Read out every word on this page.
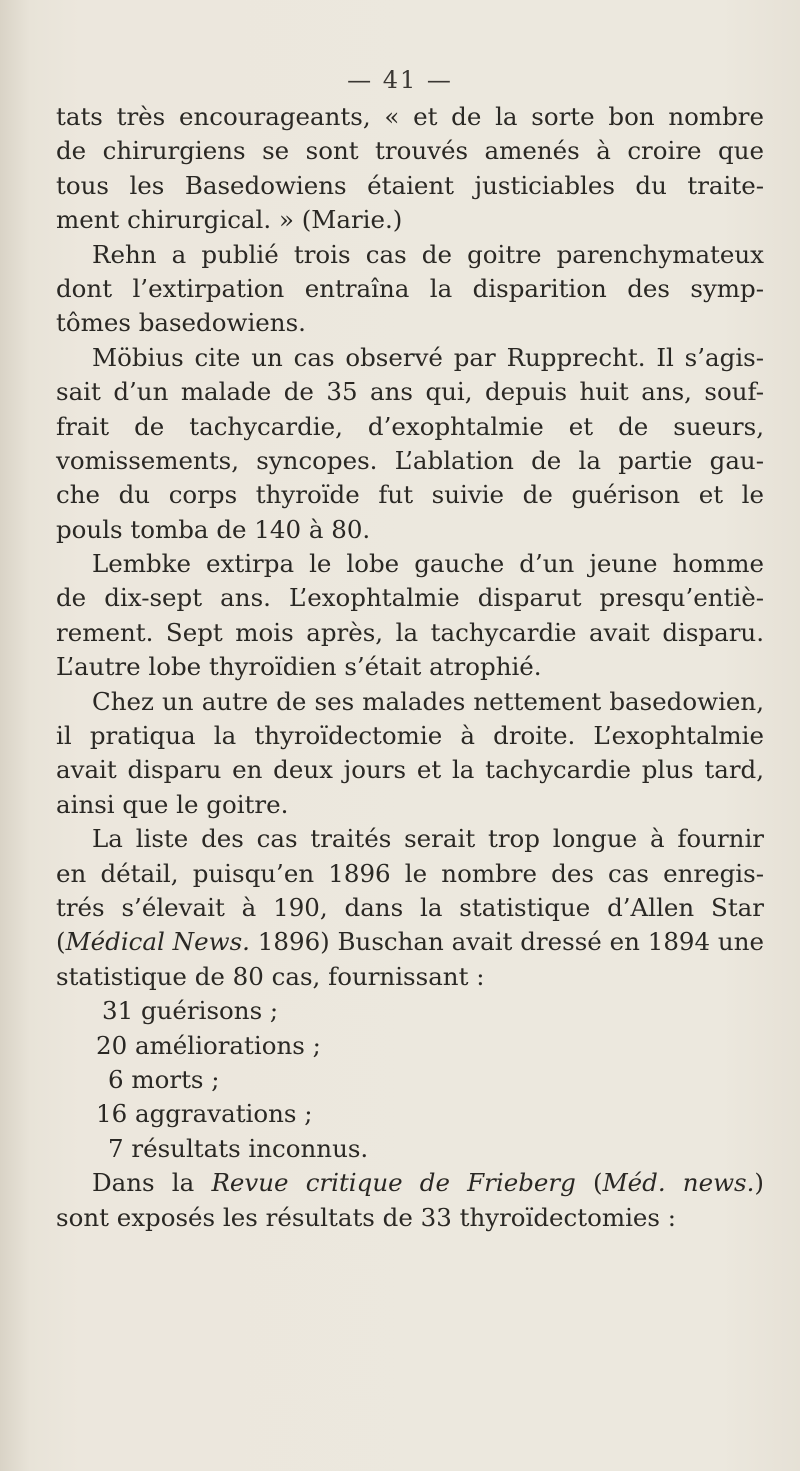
— 41 —
tats très encourageants, « et de la sorte bon nombre
de chirurgiens se sont trouvés amenés à croire que
tous les Basedowiens étaient justiciables du traite-
ment chirurgical. » (Marie.)
Rehn a publié trois cas de goitre parenchymateux
dont l’extirpation entraîna la disparition des symp-
tômes basedowiens.
Möbius cite un cas observé par Rupprecht. Il s’agis-
sait d’un malade de 35 ans qui, depuis huit ans, souf-
frait de tachycardie, d’exophtalmie et de sueurs,
vomissements, syncopes. L’ablation de la partie gau-
che du corps thyroïde fut suivie de guérison et le
pouls tomba de 140 à 80.
Lembke extirpa le lobe gauche d’un jeune homme
de dix-sept ans. L’exophtalmie disparut presqu’entiè-
rement. Sept mois après, la tachycardie avait disparu.
L’autre lobe thyroïdien s’était atrophié.
Chez un autre de ses malades nettement basedowien,
il pratiqua la thyroïdectomie à droite. L’exophtalmie
avait disparu en deux jours et la tachycardie plus tard,
ainsi que le goitre.
La liste des cas traités serait trop longue à fournir
en détail, puisqu’en 1896 le nombre des cas enregis-
trés s’élevait à 190, dans la statistique d’Allen Star
(Médical News. 1896) Buschan avait dressé en 1894 une
statistique de 80 cas, fournissant :
31 guérisons ;
20 améliorations ;
6 morts ;
16 aggravations ;
7 résultats inconnus.
Dans la Revue critique de Frieberg (Méd. news.)
sont exposés les résultats de 33 thyroïdectomies :
